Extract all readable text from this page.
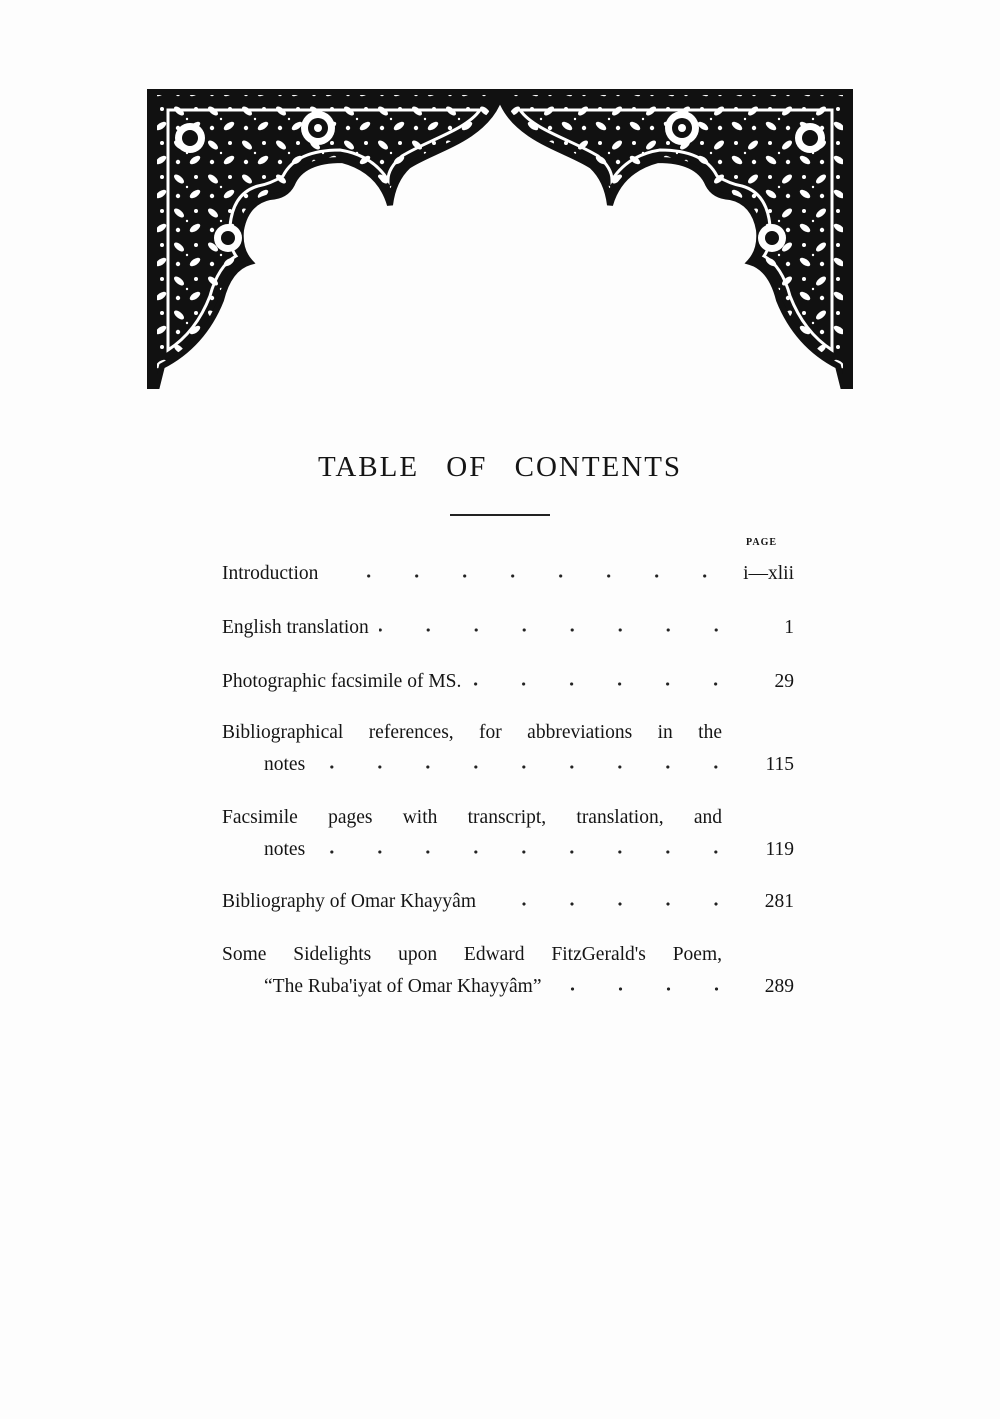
TABLE OF CONTENTS
PAGE
Introduction	i—xlii
English translation	1
Photographic facsimile of MS.	29
Bibliographical references, for abbreviations in the
notes	115
Facsimile pages with transcript, translation, and
notes	119
Bibliography of Omar Khayyâm	281
Some Sidelights upon Edward FitzGerald's Poem,
“The Ruba'iyat of Omar Khayyâm”	289
